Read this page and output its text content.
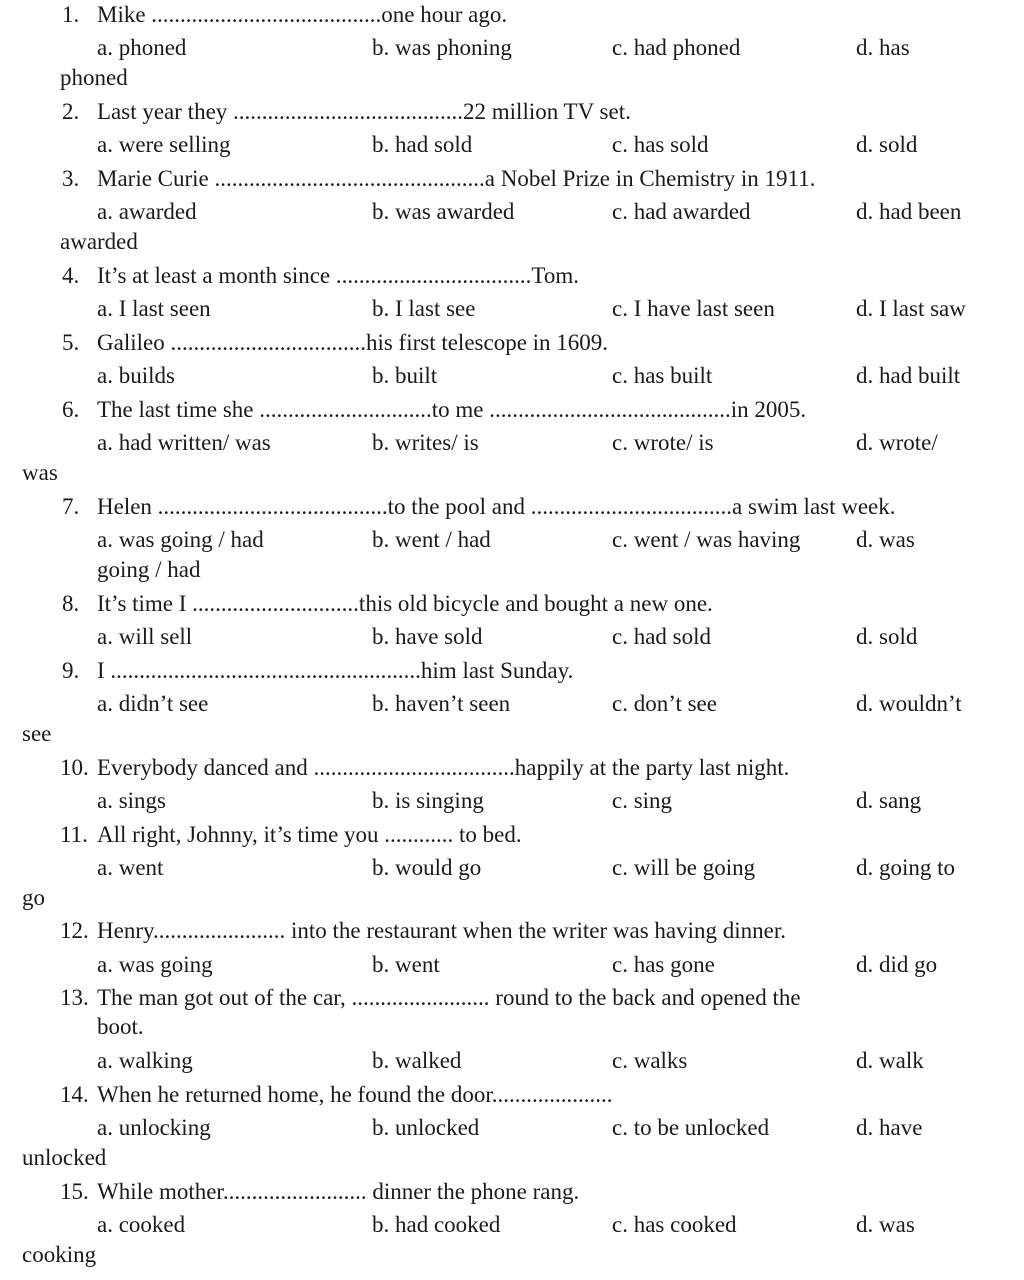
1. Mike ........................................one hour ago.
a. phoned	b. was phoning	c. had phoned	d. has
phoned
2. Last year they ........................................22 million TV set.
a. were selling	b. had sold	c. has sold	d. sold
3. Marie Curie ...............................................a Nobel Prize in Chemistry in 1911.
a. awarded	b. was awarded	c. had awarded	d. had been
awarded
4. It’s at least a month since ..................................Tom.
a. I last seen	b. I last see	c. I have last seen	d. I last saw
5. Galileo ..................................his first telescope in 1609.
a. builds	b. built	c. has built	d. had built
6. The last time she ..............................to me ..........................................in 2005.
a. had written/ was	b. writes/ is	c. wrote/ is	d. wrote/
was
7. Helen ........................................to the pool and ...................................a swim last week.
a. was going / had	b. went / had	c. went / was having d. was
going / had
8. It’s time I .............................this old bicycle and bought a new one.
a. will sell	b. have sold	c. had sold	d. sold
9. I ......................................................him last Sunday.
a. didn’t see	b. haven’t seen	c. don’t see	d. wouldn’t
see
10. Everybody danced and ...................................happily at the party last night.
a. sings	b. is singing	c. sing	d. sang
11. All right, Johnny, it’s time you ............ to bed.
a. went	b. would go	c. will be going	d. going to
go
12. Henry....................... into the restaurant when the writer was having dinner.
a. was going	b. went	c. has gone	d. did go
13. The man got out of the car, ........................ round to the back and opened the
boot.
a. walking	b. walked	c. walks	d. walk
14. When he returned home, he found the door.....................
a. unlocking	b. unlocked	c. to be unlocked	d. have
unlocked
15. While mother......................... dinner the phone rang.
a. cooked	b. had cooked	c. has cooked	d. was
cooking
